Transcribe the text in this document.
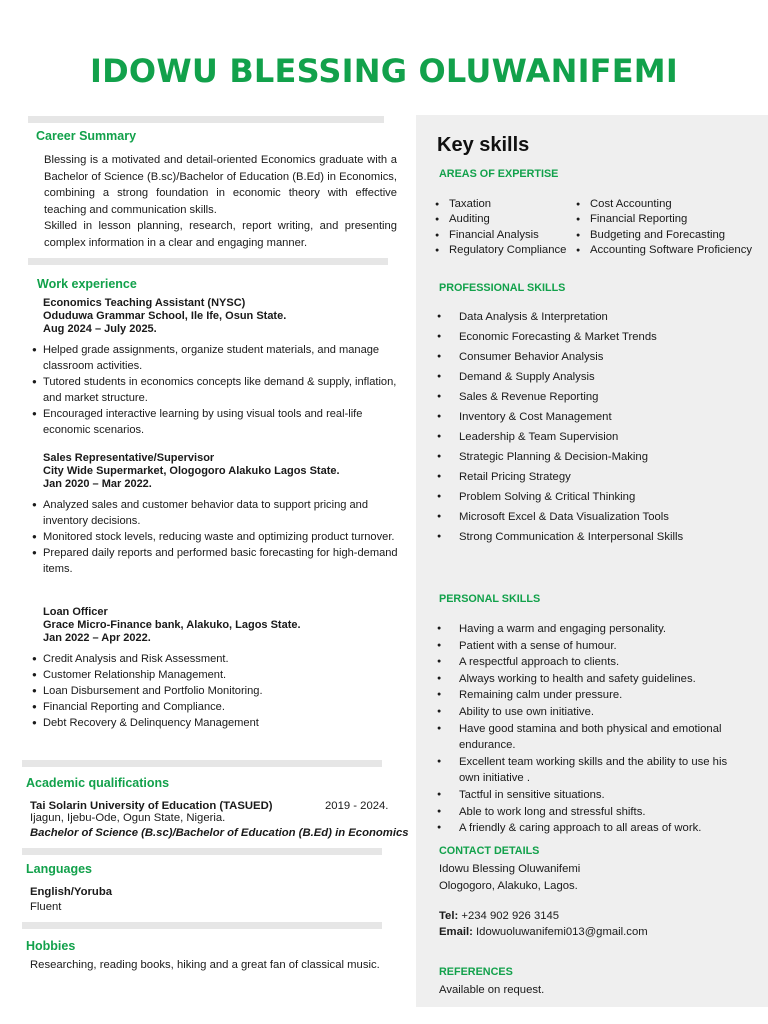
IDOWU BLESSING OLUWANIFEMI
Career Summary
Blessing is a motivated and detail-oriented Economics graduate with a Bachelor of Science (B.sc)/Bachelor of Education (B.Ed) in Economics, combining a strong foundation in economic theory with effective teaching and communication skills.
Skilled in lesson planning, research, report writing, and presenting complex information in a clear and engaging manner.
Work experience
Economics Teaching Assistant (NYSC)
Oduduwa Grammar School, Ile Ife, Osun State.
Aug 2024 – July 2025.
● Helped grade assignments, organize student materials, and manage classroom activities.
● Tutored students in economics concepts like demand & supply, inflation, and market structure.
● Encouraged interactive learning by using visual tools and real-life economic scenarios.
Sales Representative/Supervisor
City Wide Supermarket, Ologogoro Alakuko Lagos State.
Jan 2020 – Mar 2022.
● Analyzed sales and customer behavior data to support pricing and inventory decisions.
● Monitored stock levels, reducing waste and optimizing product turnover.
● Prepared daily reports and performed basic forecasting for high-demand items.
Loan Officer
Grace Micro-Finance bank, Alakuko, Lagos State.
Jan 2022 – Apr 2022.
● Credit Analysis and Risk Assessment.
● Customer Relationship Management.
● Loan Disbursement and Portfolio Monitoring.
● Financial Reporting and Compliance.
● Debt Recovery & Delinquency Management
Academic qualifications
Tai Solarin University of Education (TASUED)	2019 - 2024.
Ijagun, Ijebu-Ode, Ogun State, Nigeria.
Bachelor of Science (B.sc)/Bachelor of Education (B.Ed) in Economics
Languages
English/Yoruba
Fluent
Hobbies
Researching, reading books, hiking and a great fan of classical music.
Key skills
AREAS OF EXPERTISE
● Taxation
● Auditing
● Financial Analysis
● Regulatory Compliance
● Cost Accounting
● Financial Reporting
● Budgeting and Forecasting
● Accounting Software Proficiency
PROFESSIONAL SKILLS
● Data Analysis & Interpretation
● Economic Forecasting & Market Trends
● Consumer Behavior Analysis
● Demand & Supply Analysis
● Sales & Revenue Reporting
● Inventory & Cost Management
● Leadership & Team Supervision
● Strategic Planning & Decision-Making
● Retail Pricing Strategy
● Problem Solving & Critical Thinking
● Microsoft Excel & Data Visualization Tools
● Strong Communication & Interpersonal Skills
PERSONAL SKILLS
● Having a warm and engaging personality.
● Patient with a sense of humour.
● A respectful approach to clients.
● Always working to health and safety guidelines.
● Remaining calm under pressure.
● Ability to use own initiative.
● Have good stamina and both physical and emotional endurance.
● Excellent team working skills and the ability to use his own initiative .
● Tactful in sensitive situations.
● Able to work long and stressful shifts.
● A friendly & caring approach to all areas of work.
CONTACT DETAILS
Idowu Blessing Oluwanifemi
Ologogoro, Alakuko, Lagos.
Tel: +234 902 926 3145
Email: Idowuoluwanifemi013@gmail.com
REFERENCES
Available on request.
